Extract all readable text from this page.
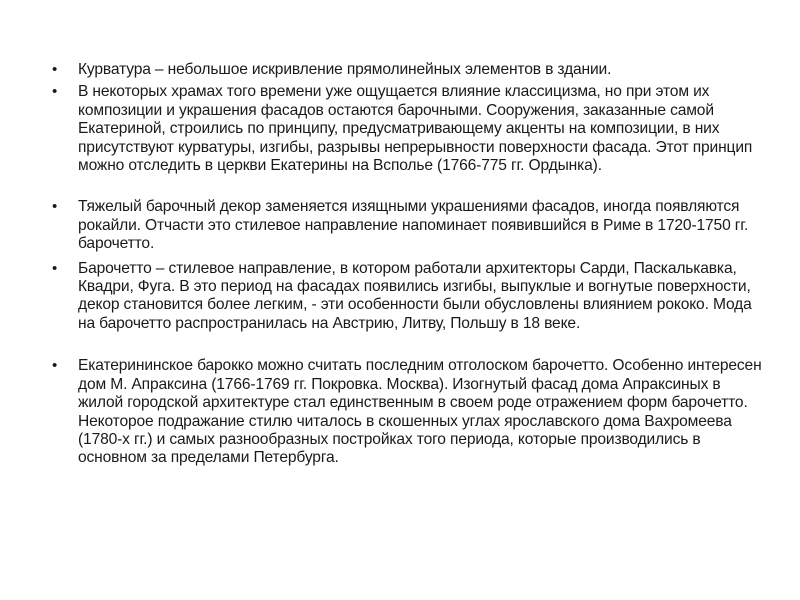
• Курватура – небольшое искривление прямолинейных элементов в здании.
• В некоторых храмах того времени уже ощущается влияние классицизма, но при этом их композиции и украшения фасадов остаются барочными. Сооружения, заказанные самой Екатериной, строились по принципу, предусматривающему акценты на композиции, в них присутствуют курватуры, изгибы, разрывы непрерывности поверхности фасада. Этот принцип можно отследить в церкви Екатерины на Всполье (1766-775 гг. Ордынка).
• Тяжелый барочный декор заменяется изящными украшениями фасадов, иногда появляются рокайли. Отчасти это стилевое направление напоминает появившийся в Риме в 1720-1750 гг. барочетто.
• Барочетто – стилевое направление, в котором работали архитекторы Сарди, Паскалькавка, Квадри, Фуга. В это период на фасадах появились изгибы, выпуклые и вогнутые поверхности, декор становится более легким, - эти особенности были обусловлены влиянием рококо. Мода на барочетто распространилась на Австрию, Литву, Польшу в 18 веке.
• Екатерининское барокко можно считать последним отголоском барочетто. Особенно интересен дом М. Апраксина (1766-1769 гг. Покровка. Москва). Изогнутый фасад дома Апраксиных в жилой городской архитектуре стал единственным в своем роде отражением форм барочетто. Некоторое подражание стилю читалось в скошенных углах ярославского дома Вахромеева (1780-х гг.) и самых разнообразных постройках того периода, которые производились в основном за пределами Петербурга.
